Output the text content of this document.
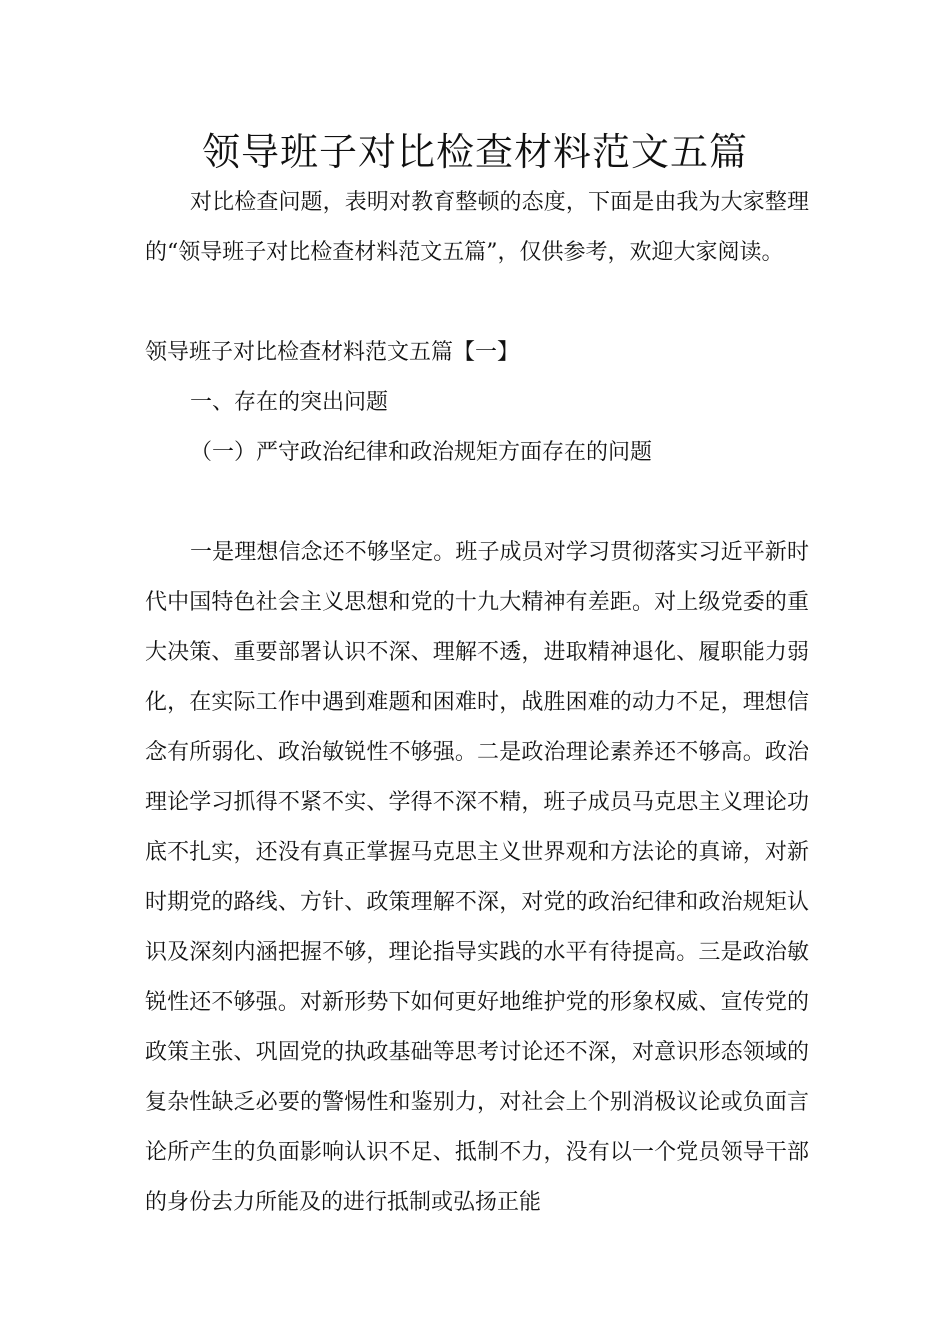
领导班子对比检查材料范文五篇

对比检查问题，表明对教育整顿的态度，下面是由我为大家整理的“领导班子对比检查材料范文五篇”，仅供参考，欢迎大家阅读。

领导班子对比检查材料范文五篇【一】

一、存在的突出问题

（一）严守政治纪律和政治规矩方面存在的问题

一是理想信念还不够坚定。班子成员对学习贯彻落实习近平新时代中国特色社会主义思想和党的十九大精神有差距。对上级党委的重大决策、重要部署认识不深、理解不透，进取精神退化、履职能力弱化，在实际工作中遇到难题和困难时，战胜困难的动力不足，理想信念有所弱化、政治敏锐性不够强。二是政治理论素养还不够高。政治理论学习抓得不紧不实、学得不深不精，班子成员马克思主义理论功底不扎实，还没有真正掌握马克思主义世界观和方法论的真谛，对新时期党的路线、方针、政策理解不深，对党的政治纪律和政治规矩认识及深刻内涵把握不够，理论指导实践的水平有待提高。三是政治敏锐性还不够强。对新形势下如何更好地维护党的形象权威、宣传党的政策主张、巩固党的执政基础等思考讨论还不深，对意识形态领域的复杂性缺乏必要的警惕性和鉴别力，对社会上个别消极议论或负面言论所产生的负面影响认识不足、抵制不力，没有以一个党员领导干部的身份去力所能及的进行抵制或弘扬正能
